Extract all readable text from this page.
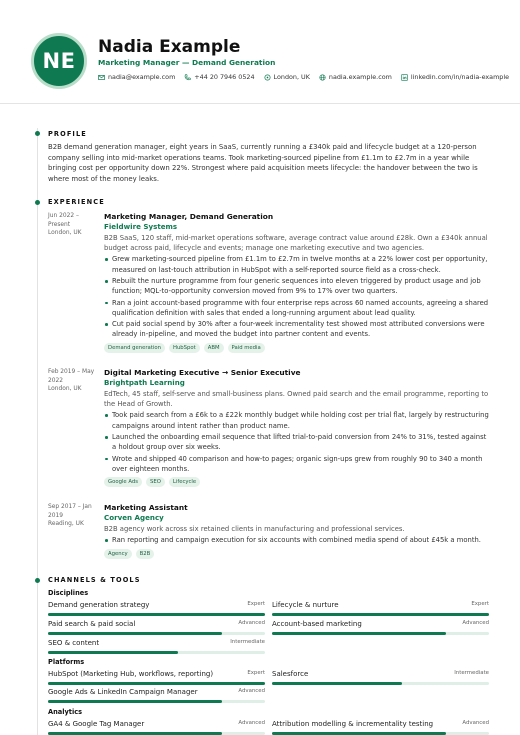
NE
Nadia Example
Marketing Manager — Demand Generation
nadia@example.com	+44 20 7946 0524	London, UK	nadia.example.com	linkedin.com/in/nadia-example
PROFILE
B2B demand generation manager, eight years in SaaS, currently running a £340k paid and lifecycle budget at a 120-person company selling into mid-market operations teams. Took marketing-sourced pipeline from £1.1m to £2.7m in a year while bringing cost per opportunity down 22%. Strongest where paid acquisition meets lifecycle: the handover between the two is where most of the money leaks.
EXPERIENCE
Jun 2022 – Present
London, UK
Marketing Manager, Demand Generation
Fieldwire Systems
B2B SaaS, 120 staff, mid-market operations software, average contract value around £28k. Own a £340k annual budget across paid, lifecycle and events; manage one marketing executive and two agencies.
Grew marketing-sourced pipeline from £1.1m to £2.7m in twelve months at a 22% lower cost per opportunity, measured on last-touch attribution in HubSpot with a self-reported source field as a cross-check.
Rebuilt the nurture programme from four generic sequences into eleven triggered by product usage and job function; MQL-to-opportunity conversion moved from 9% to 17% over two quarters.
Ran a joint account-based programme with four enterprise reps across 60 named accounts, agreeing a shared qualification definition with sales that ended a long-running argument about lead quality.
Cut paid social spend by 30% after a four-week incrementality test showed most attributed conversions were already in-pipeline, and moved the budget into partner content and events.
Demand generation	HubSpot	ABM	Paid media
Feb 2019 – May 2022
London, UK
Digital Marketing Executive → Senior Executive
Brightpath Learning
EdTech, 45 staff, self-serve and small-business plans. Owned paid search and the email programme, reporting to the Head of Growth.
Took paid search from a £6k to a £22k monthly budget while holding cost per trial flat, largely by restructuring campaigns around intent rather than product name.
Launched the onboarding email sequence that lifted trial-to-paid conversion from 24% to 31%, tested against a holdout group over six weeks.
Wrote and shipped 40 comparison and how-to pages; organic sign-ups grew from roughly 90 to 340 a month over eighteen months.
Google Ads	SEO	Lifecycle
Sep 2017 – Jan 2019
Reading, UK
Marketing Assistant
Corven Agency
B2B agency work across six retained clients in manufacturing and professional services.
Ran reporting and campaign execution for six accounts with combined media spend of about £45k a month.
Agency	B2B
CHANNELS & TOOLS
Disciplines
Demand generation strategy	Expert Lifecycle & nurture	Expert
Paid search & paid social	Advanced Account-based marketing	Advanced
SEO & content	Intermediate
Platforms
HubSpot (Marketing Hub, workflows, reporting)	Expert Salesforce	Intermediate
Google Ads & LinkedIn Campaign Manager	Advanced
Analytics
GA4 & Google Tag Manager	Advanced Attribution modelling & incrementality testing	Advanced
